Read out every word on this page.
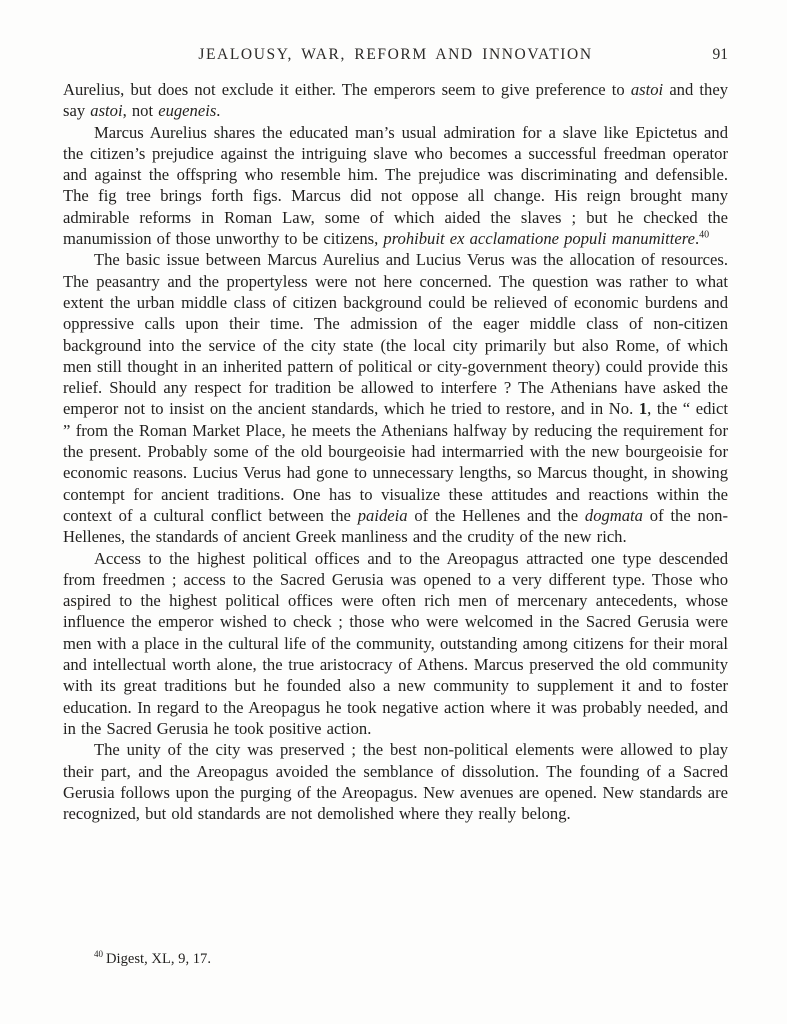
JEALOUSY, WAR, REFORM AND INNOVATION	91

Aurelius, but does not exclude it either. The emperors seem to give preference to astoi and they say astoi, not eugeneis.

Marcus Aurelius shares the educated man’s usual admiration for a slave like Epictetus and the citizen’s prejudice against the intriguing slave who becomes a successful freedman operator and against the offspring who resemble him. The prejudice was discriminating and defensible. The fig tree brings forth figs. Marcus did not oppose all change. His reign brought many admirable reforms in Roman Law, some of which aided the slaves ; but he checked the manumission of those unworthy to be citizens, prohibuit ex acclamatione populi manumittere.$^{40}$

The basic issue between Marcus Aurelius and Lucius Verus was the allocation of resources. The peasantry and the propertyless were not here concerned. The question was rather to what extent the urban middle class of citizen background could be relieved of economic burdens and oppressive calls upon their time. The admission of the eager middle class of non-citizen background into the service of the city state (the local city primarily but also Rome, of which men still thought in an inherited pattern of political or city-government theory) could provide this relief. Should any respect for tradition be allowed to interfere ? The Athenians have asked the emperor not to insist on the ancient standards, which he tried to restore, and in No. 1, the “ edict ” from the Roman Market Place, he meets the Athenians halfway by reducing the requirement for the present. Probably some of the old bourgeoisie had intermarried with the new bourgeoisie for economic reasons. Lucius Verus had gone to unnecessary lengths, so Marcus thought, in showing contempt for ancient traditions. One has to visualize these attitudes and reactions within the context of a cultural conflict between the paideia of the Hellenes and the dogmata of the non-Hellenes, the standards of ancient Greek manliness and the crudity of the new rich.

Access to the highest political offices and to the Areopagus attracted one type descended from freedmen ; access to the Sacred Gerusia was opened to a very different type. Those who aspired to the highest political offices were often rich men of mercenary antecedents, whose influence the emperor wished to check ; those who were welcomed in the Sacred Gerusia were men with a place in the cultural life of the community, outstanding among citizens for their moral and intellectual worth alone, the true aristocracy of Athens. Marcus preserved the old community with its great traditions but he founded also a new community to supplement it and to foster education. In regard to the Areopagus he took negative action where it was probably needed, and in the Sacred Gerusia he took positive action.

The unity of the city was preserved ; the best non-political elements were allowed to play their part, and the Areopagus avoided the semblance of dissolution. The founding of a Sacred Gerusia follows upon the purging of the Areopagus. New avenues are opened. New standards are recognized, but old standards are not demolished where they really belong.

$^{40}$ Digest, XL, 9, 17.
